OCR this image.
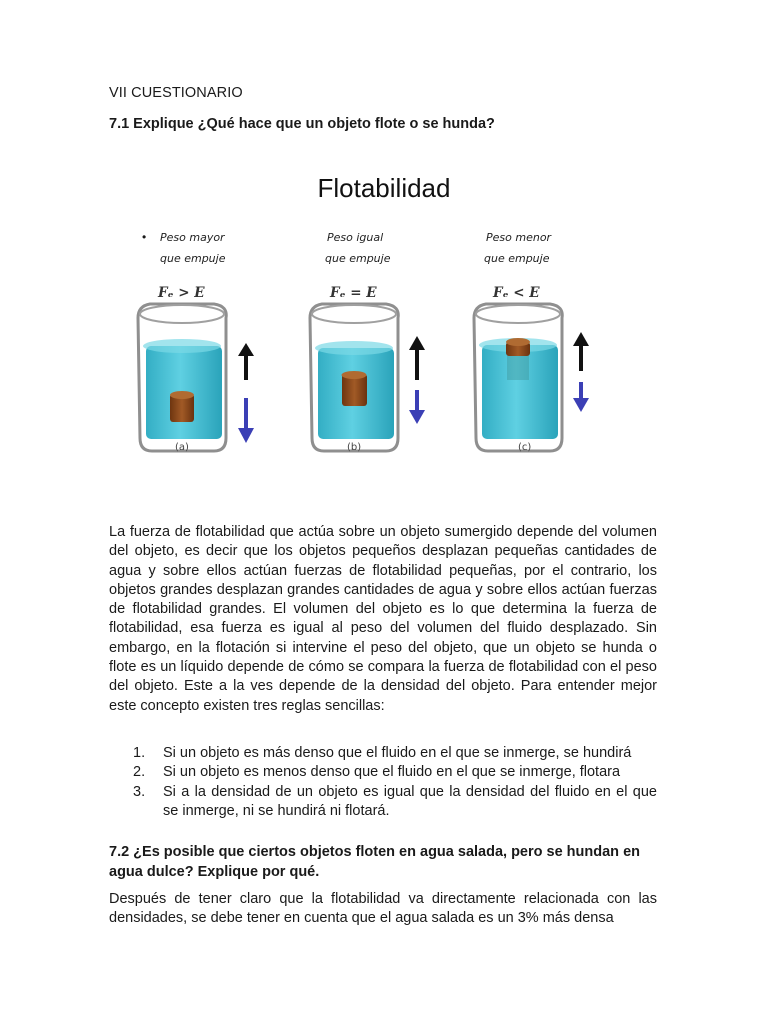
VII CUESTIONARIO
7.1 Explique ¿Qué hace que un objeto flote o se hunda?
Flotabilidad
• Peso mayor
que empuje
Peso igual
que empuje
Peso menor
que empuje
Fₑ > E	Fₑ = E	Fₑ < E
(a)	(b)	(c)

La fuerza de flotabilidad que actúa sobre un objeto sumergido depende del volumen del objeto, es decir que los objetos pequeños desplazan pequeñas cantidades de agua y sobre ellos actúan fuerzas de flotabilidad pequeñas, por el contrario, los objetos grandes desplazan grandes cantidades de agua y sobre ellos actúan fuerzas de flotabilidad grandes. El volumen del objeto es lo que determina la fuerza de flotabilidad, esa fuerza es igual al peso del volumen del fluido desplazado. Sin embargo, en la flotación si intervine el peso del objeto, que un objeto se hunda o flote es un líquido depende de cómo se compara la fuerza de flotabilidad con el peso del objeto. Este a la ves depende de la densidad del objeto. Para entender mejor este concepto existen tres reglas sencillas:

1. Si un objeto es más denso que el fluido en el que se inmerge, se hundirá
2. Si un objeto es menos denso que el fluido en el que se inmerge, flotara
3. Si a la densidad de un objeto es igual que la densidad del fluido en el que             se inmerge, ni se hundirá ni flotará.
7.2 ¿Es posible que ciertos objetos floten en agua salada, pero se hundan en agua dulce? Explique por qué.

Después de tener claro que la flotabilidad va directamente relacionada con las densidades, se debe tener en cuenta que el agua salada es un 3% más densa
